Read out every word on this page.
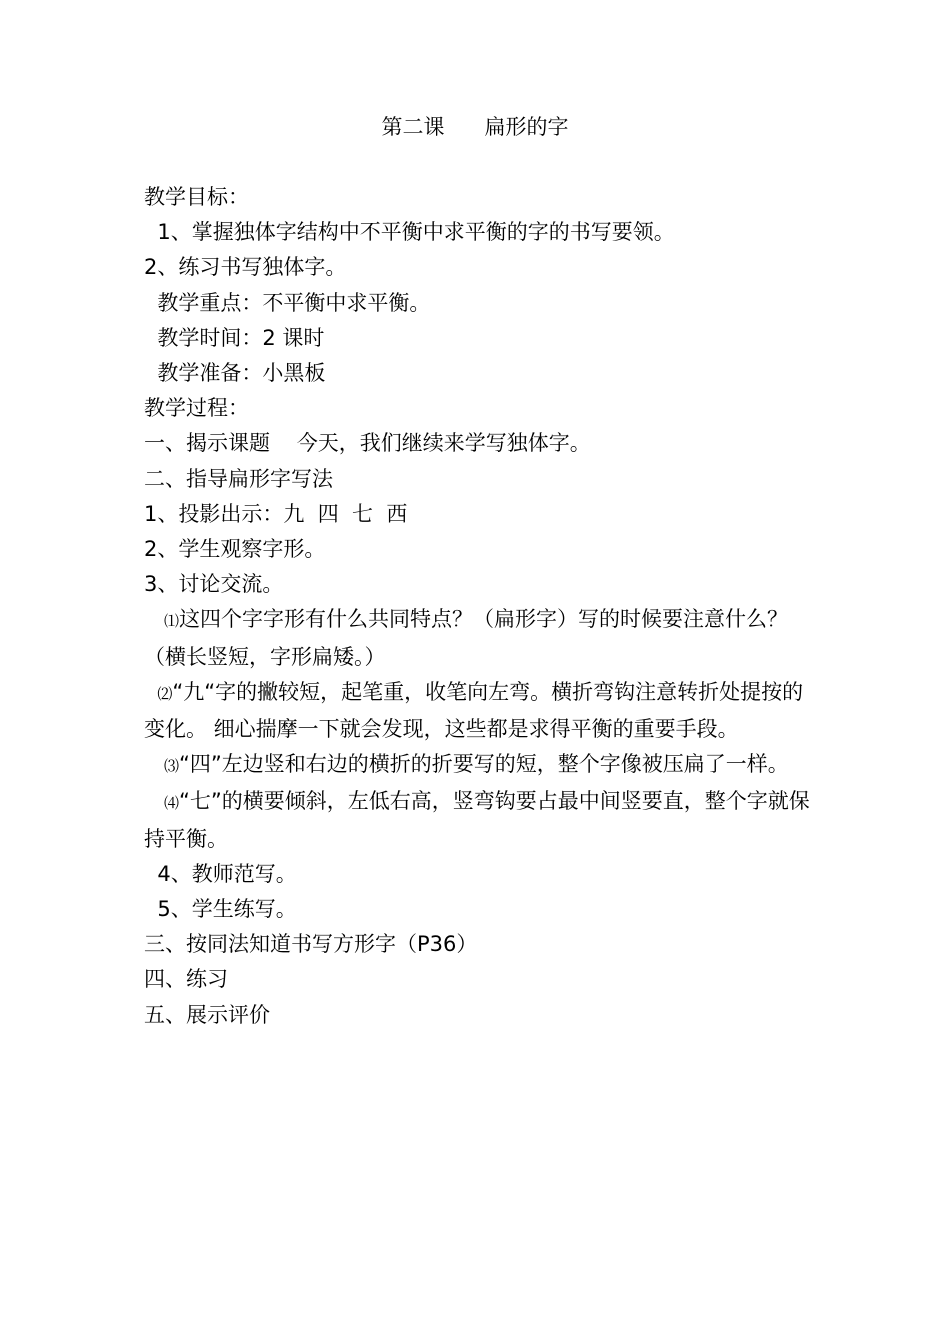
第二课      扁形的字
教学目标：
1、掌握独体字结构中不平衡中求平衡的字的书写要领。
2、练习书写独体字。
教学重点：不平衡中求平衡。
教学时间：2 课时
教学准备：小黑板
教学过程：
一、揭示课题    今天，我们继续来学写独体字。
二、指导扁形字写法
1、投影出示：九  四  七  西
2、学生观察字形。
3、讨论交流。
⑴这四个字字形有什么共同特点？（扁形字）写的时候要注意什么？（横长竖短，字形扁矮。）
⑵“九“字的撇较短，起笔重，收笔向左弯。横折弯钩注意转折处提按的变化。 细心揣摩一下就会发现，这些都是求得平衡的重要手段。
⑶“四”左边竖和右边的横折的折要写的短，整个字像被压扁了一样。
⑷“七”的横要倾斜，左低右高，竖弯钩要占最中间竖要直，整个字就保持平衡。
4、教师范写。
5、学生练写。
三、按同法知道书写方形字（P36）
四、练习
五、展示评价
